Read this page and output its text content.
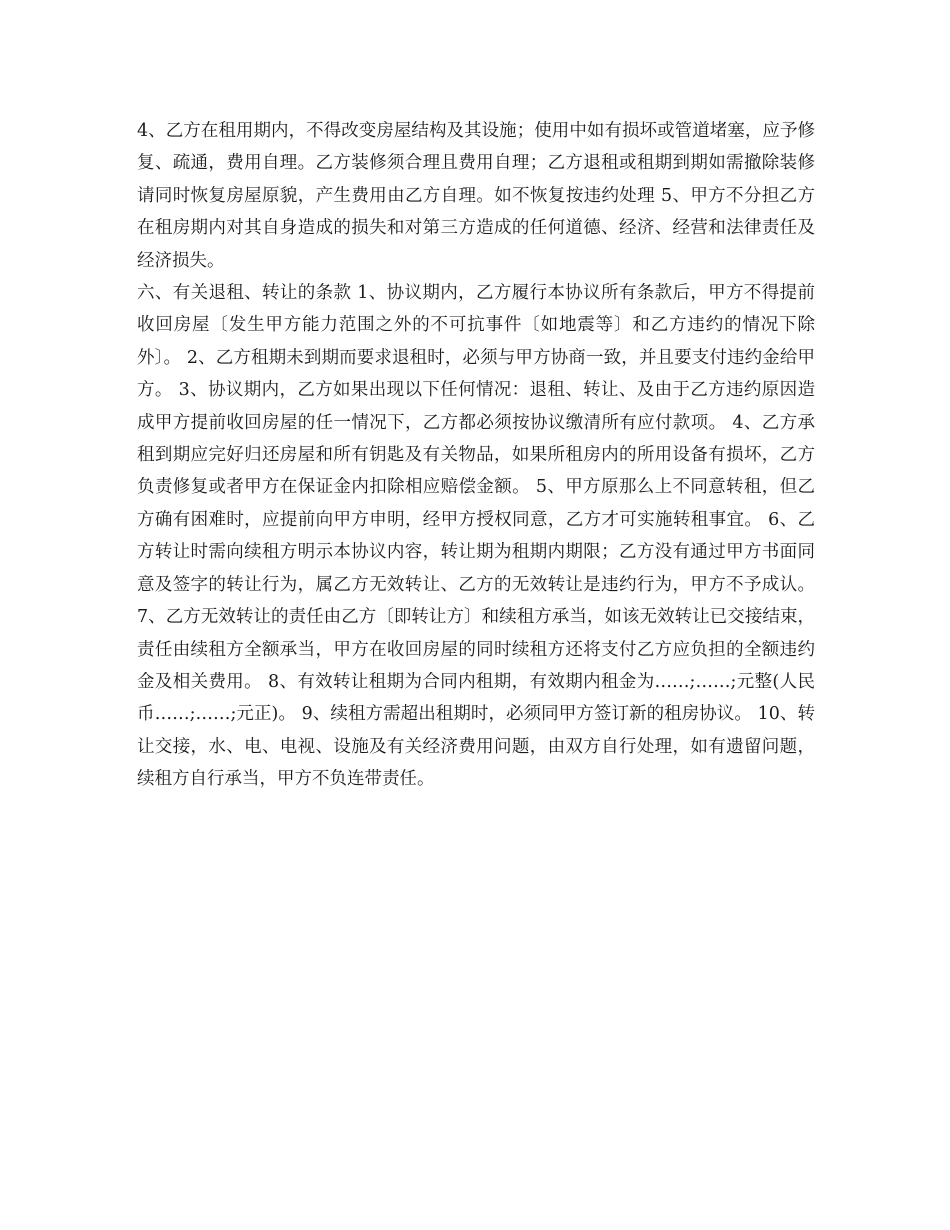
4、乙方在租用期内，不得改变房屋结构及其设施；使用中如有损坏或管道堵塞，应予修复、疏通，费用自理。乙方装修须合理且费用自理；乙方退租或租期到期如需撤除装修请同时恢复房屋原貌，产生费用由乙方自理。如不恢复按违约处理 5、甲方不分担乙方在租房期内对其自身造成的损失和对第三方造成的任何道德、经济、经营和法律责任及经济损失。

六、有关退租、转让的条款 1、协议期内，乙方履行本协议所有条款后，甲方不得提前收回房屋〔发生甲方能力范围之外的不可抗事件〔如地震等〕和乙方违约的情况下除外〕。 2、乙方租期未到期而要求退租时，必须与甲方协商一致，并且要支付违约金给甲方。 3、协议期内，乙方如果出现以下任何情况：退租、转让、及由于乙方违约原因造成甲方提前收回房屋的任一情况下，乙方都必须按协议缴清所有应付款项。 4、乙方承租到期应完好归还房屋和所有钥匙及有关物品，如果所租房内的所用设备有损坏，乙方负责修复或者甲方在保证金内扣除相应赔偿金额。 5、甲方原那么上不同意转租，但乙方确有困难时，应提前向甲方申明，经甲方授权同意，乙方才可实施转租事宜。 6、乙方转让时需向续租方明示本协议内容，转让期为租期内期限；乙方没有通过甲方书面同意及签字的转让行为，属乙方无效转让、乙方的无效转让是违约行为，甲方不予成认。7、乙方无效转让的责任由乙方〔即转让方〕和续租方承当，如该无效转让已交接结束，责任由续租方全额承当，甲方在收回房屋的同时续租方还将支付乙方应负担的全额违约金及相关费用。 8、有效转让租期为合同内租期，有效期内租金为……;……;元整(人民币……;……;元正)。 9、续租方需超出租期时，必须同甲方签订新的租房协议。 10、转让交接，水、电、电视、设施及有关经济费用问题，由双方自行处理，如有遗留问题，续租方自行承当，甲方不负连带责任。
